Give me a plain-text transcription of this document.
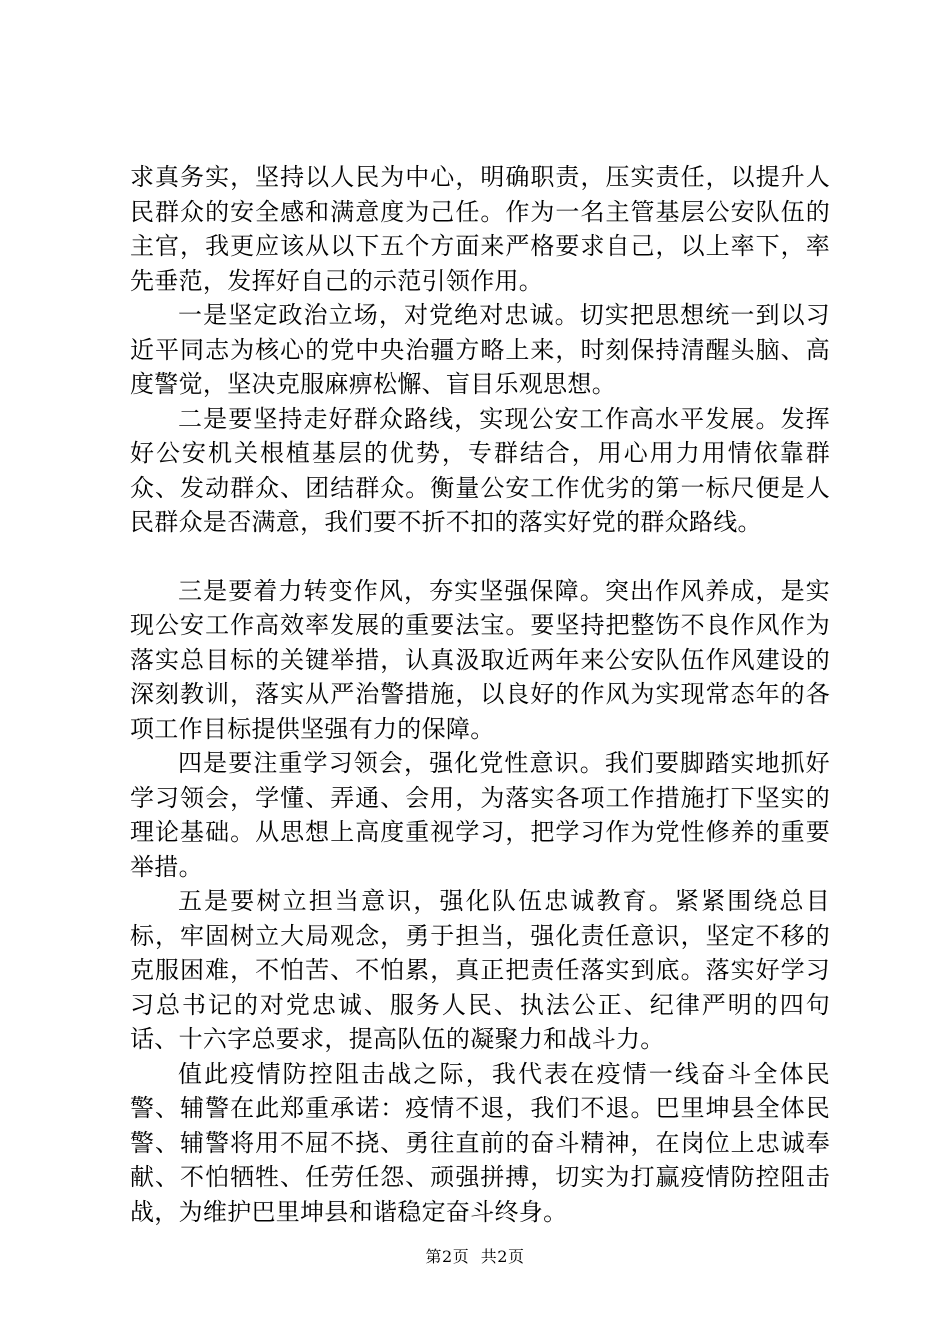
求真务实，坚持以人民为中心，明确职责，压实责任，以提升人民群众的安全感和满意度为己任。作为一名主管基层公安队伍的主官，我更应该从以下五个方面来严格要求自己，以上率下，率先垂范，发挥好自己的示范引领作用。

一是坚定政治立场，对党绝对忠诚。切实把思想统一到以习近平同志为核心的党中央治疆方略上来，时刻保持清醒头脑、高度警觉，坚决克服麻痹松懈、盲目乐观思想。

二是要坚持走好群众路线，实现公安工作高水平发展。发挥好公安机关根植基层的优势，专群结合，用心用力用情依靠群众、发动群众、团结群众。衡量公安工作优劣的第一标尺便是人民群众是否满意，我们要不折不扣的落实好党的群众路线。

三是要着力转变作风，夯实坚强保障。突出作风养成，是实现公安工作高效率发展的重要法宝。要坚持把整饬不良作风作为落实总目标的关键举措，认真汲取近两年来公安队伍作风建设的深刻教训，落实从严治警措施，以良好的作风为实现常态年的各项工作目标提供坚强有力的保障。

四是要注重学习领会，强化党性意识。我们要脚踏实地抓好学习领会，学懂、弄通、会用，为落实各项工作措施打下坚实的理论基础。从思想上高度重视学习，把学习作为党性修养的重要举措。

五是要树立担当意识，强化队伍忠诚教育。紧紧围绕总目标，牢固树立大局观念，勇于担当，强化责任意识，坚定不移的克服困难，不怕苦、不怕累，真正把责任落实到底。落实好学习习总书记的对党忠诚、服务人民、执法公正、纪律严明的四句话、十六字总要求，提高队伍的凝聚力和战斗力。

值此疫情防控阻击战之际，我代表在疫情一线奋斗全体民警、辅警在此郑重承诺：疫情不退，我们不退。巴里坤县全体民警、辅警将用不屈不挠、勇往直前的奋斗精神，在岗位上忠诚奉献、不怕牺牲、任劳任怨、顽强拼搏，切实为打赢疫情防控阻击战，为维护巴里坤县和谐稳定奋斗终身。

第2页 共2页
